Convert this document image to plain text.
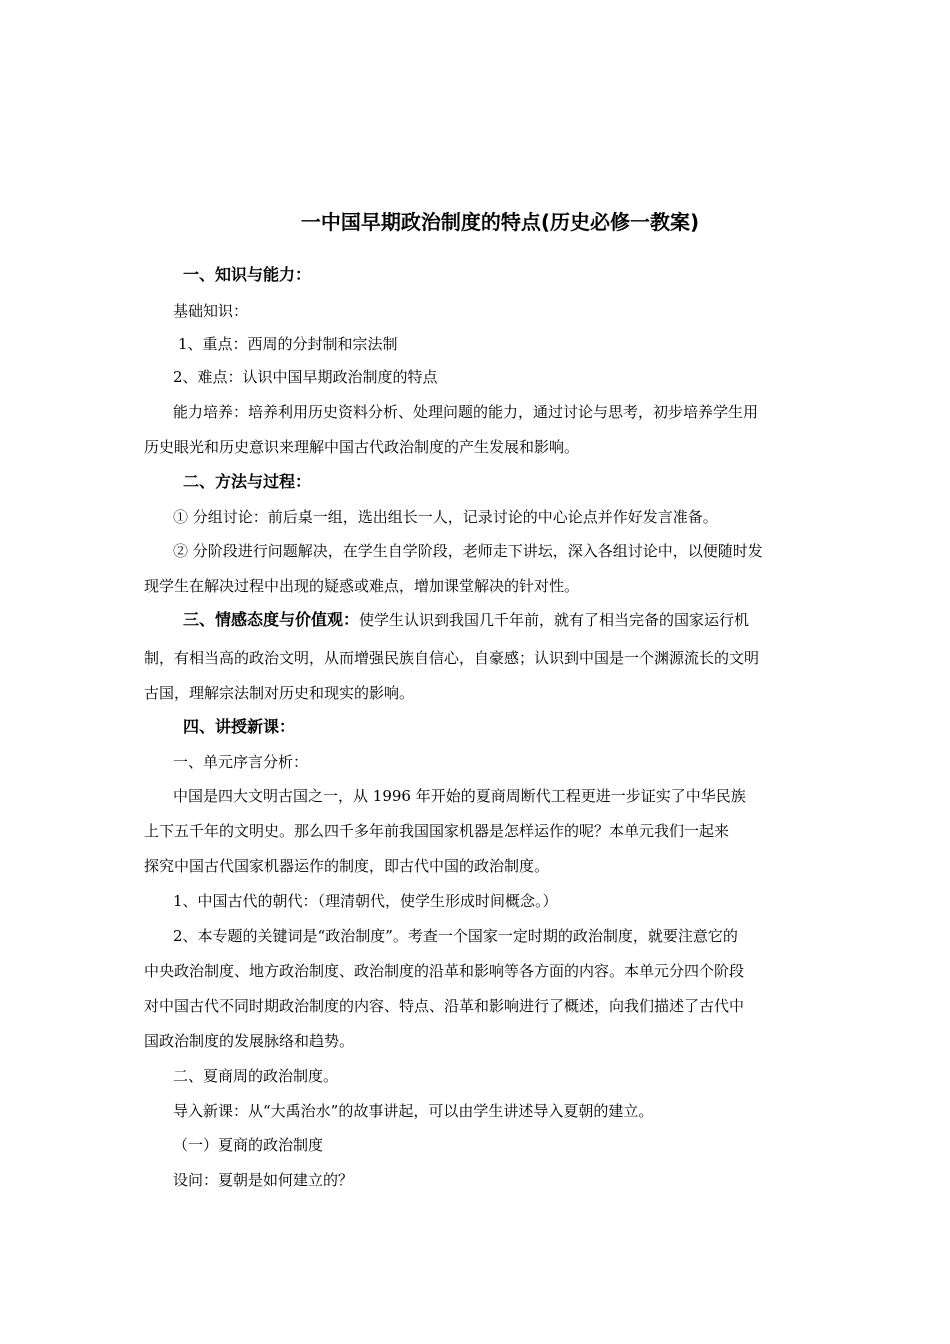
一中国早期政治制度的特点(历史必修一教案)

一、知识与能力：

基础知识：

1、重点：西周的分封制和宗法制

2、难点：认识中国早期政治制度的特点

能力培养：培养利用历史资料分析、处理问题的能力，通过讨论与思考，初步培养学生用

历史眼光和历史意识来理解中国古代政治制度的产生发展和影响。

二、方法与过程：

① 分组讨论：前后桌一组，选出组长一人，记录讨论的中心论点并作好发言准备。

② 分阶段进行问题解决，在学生自学阶段，老师走下讲坛，深入各组讨论中，以便随时发

现学生在解决过程中出现的疑惑或难点，增加课堂解决的针对性。

三、情感态度与价值观：使学生认识到我国几千年前，就有了相当完备的国家运行机

制，有相当高的政治文明，从而增强民族自信心，自豪感；认识到中国是一个渊源流长的文明

古国，理解宗法制对历史和现实的影响。

四、讲授新课：

一、单元序言分析：

中国是四大文明古国之一，从 1996 年开始的夏商周断代工程更进一步证实了中华民族

上下五千年的文明史。那么四千多年前我国国家机器是怎样运作的呢？本单元我们一起来

探究中国古代国家机器运作的制度，即古代中国的政治制度。

1、中国古代的朝代：（理清朝代，使学生形成时间概念。）

2、本专题的关键词是“政治制度”。考查一个国家一定时期的政治制度，就要注意它的

中央政治制度、地方政治制度、政治制度的沿革和影响等各方面的内容。本单元分四个阶段

对中国古代不同时期政治制度的内容、特点、沿革和影响进行了概述，向我们描述了古代中

国政治制度的发展脉络和趋势。

二、夏商周的政治制度。

导入新课：从“大禹治水”的故事讲起，可以由学生讲述导入夏朝的建立。

（一）夏商的政治制度

设问：夏朝是如何建立的？
